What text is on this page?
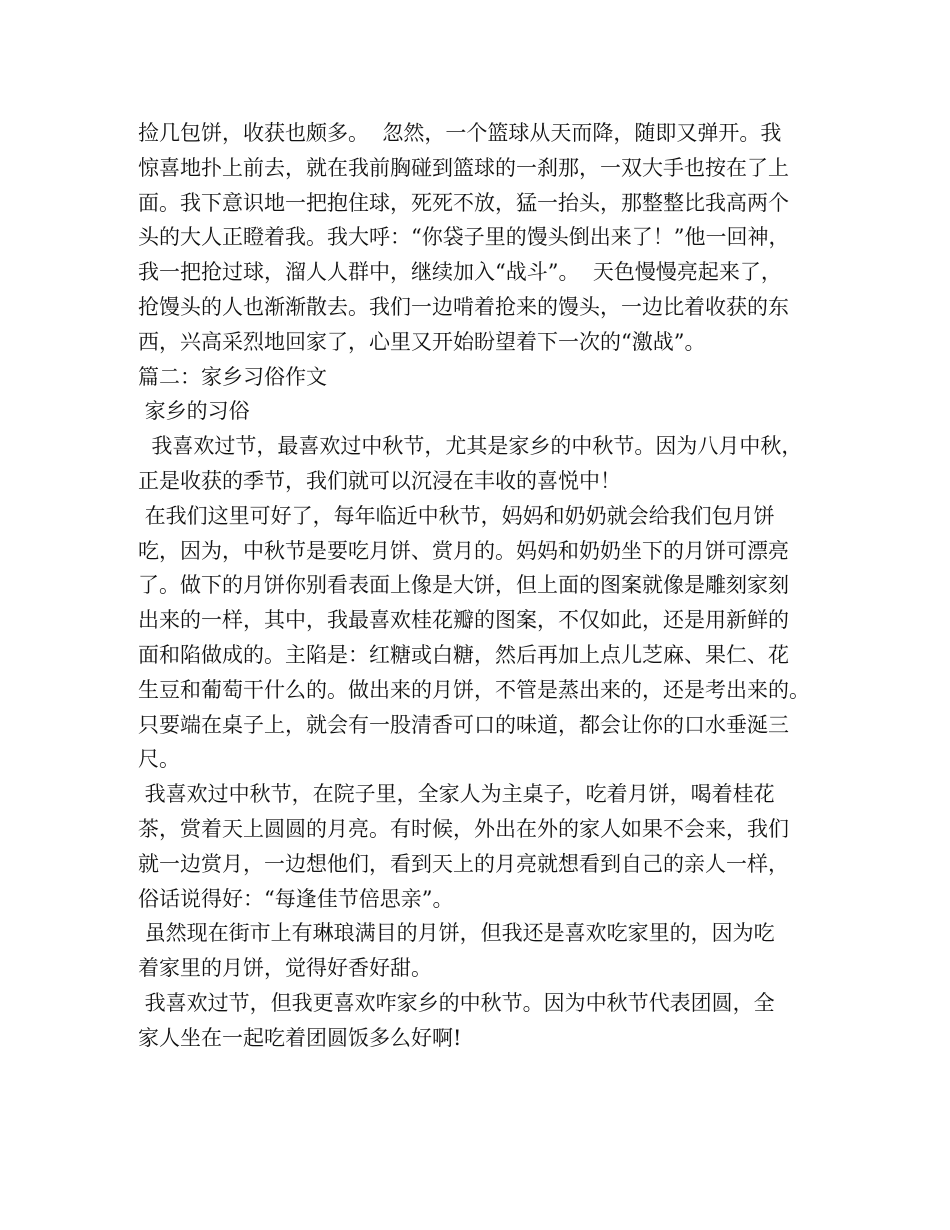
捡几包饼，收获也颇多。  忽然，一个篮球从天而降，随即又弹开。我
惊喜地扑上前去，就在我前胸碰到篮球的一刹那，一双大手也按在了上
面。我下意识地一把抱住球，死死不放，猛一抬头，那整整比我高两个
头的大人正瞪着我。我大呼：“你袋子里的馒头倒出来了！”他一回神，
我一把抢过球，溜人人群中，继续加入“战斗”。  天色慢慢亮起来了，
抢馒头的人也渐渐散去。我们一边啃着抢来的馒头，一边比着收获的东
西，兴高采烈地回家了，心里又开始盼望着下一次的“激战”。
篇二：家乡习俗作文
家乡的习俗
我喜欢过节，最喜欢过中秋节，尤其是家乡的中秋节。因为八月中秋，
正是收获的季节，我们就可以沉浸在丰收的喜悦中！
在我们这里可好了，每年临近中秋节，妈妈和奶奶就会给我们包月饼
吃，因为，中秋节是要吃月饼、赏月的。妈妈和奶奶坐下的月饼可漂亮
了。做下的月饼你别看表面上像是大饼，但上面的图案就像是雕刻家刻
出来的一样，其中，我最喜欢桂花瓣的图案，不仅如此，还是用新鲜的
面和陷做成的。主陷是：红糖或白糖，然后再加上点儿芝麻、果仁、花
生豆和葡萄干什么的。做出来的月饼，不管是蒸出来的，还是考出来的。
只要端在桌子上，就会有一股清香可口的味道，都会让你的口水垂涎三
尺。
我喜欢过中秋节，在院子里，全家人为主桌子，吃着月饼，喝着桂花
茶，赏着天上圆圆的月亮。有时候，外出在外的家人如果不会来，我们
就一边赏月，一边想他们，看到天上的月亮就想看到自己的亲人一样，
俗话说得好：“每逢佳节倍思亲”。
虽然现在街市上有琳琅满目的月饼，但我还是喜欢吃家里的，因为吃
着家里的月饼，觉得好香好甜。
我喜欢过节，但我更喜欢咋家乡的中秋节。因为中秋节代表团圆，全
家人坐在一起吃着团圆饭多么好啊!
